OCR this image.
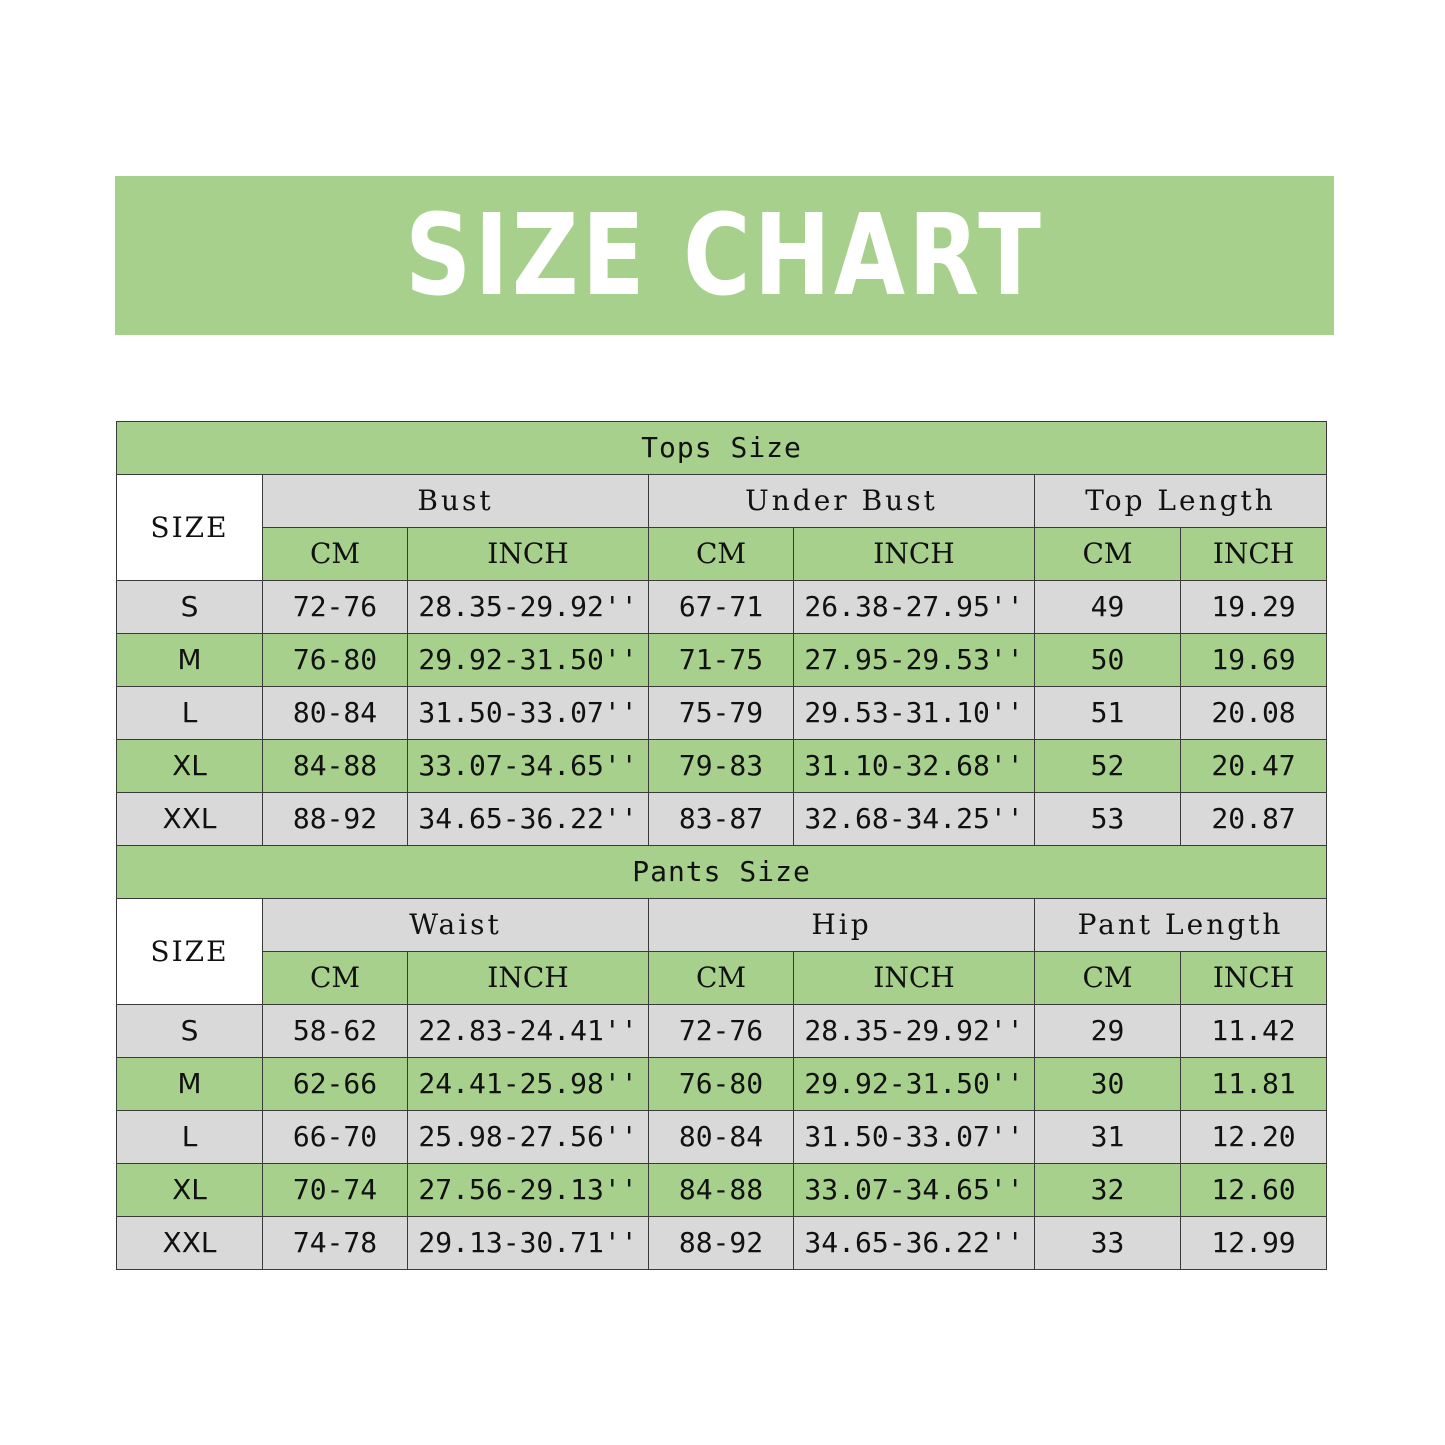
SIZE CHART
Tops Size						
SIZE	Bust		Under Bust		Top Length	
	CM	INCH	CM	INCH	CM	INCH
S	72-76	28.35-29.92''	67-71	26.38-27.95''	49	19.29
M	76-80	29.92-31.50''	71-75	27.95-29.53''	50	19.69
L	80-84	31.50-33.07''	75-79	29.53-31.10''	51	20.08
XL	84-88	33.07-34.65''	79-83	31.10-32.68''	52	20.47
XXL	88-92	34.65-36.22''	83-87	32.68-34.25''	53	20.87
Pants Size						
SIZE	Waist		Hip		Pant Length	
	CM	INCH	CM	INCH	CM	INCH
S	58-62	22.83-24.41''	72-76	28.35-29.92''	29	11.42
M	62-66	24.41-25.98''	76-80	29.92-31.50''	30	11.81
L	66-70	25.98-27.56''	80-84	31.50-33.07''	31	12.20
XL	70-74	27.56-29.13''	84-88	33.07-34.65''	32	12.60
XXL	74-78	29.13-30.71''	88-92	34.65-36.22''	33	12.99
